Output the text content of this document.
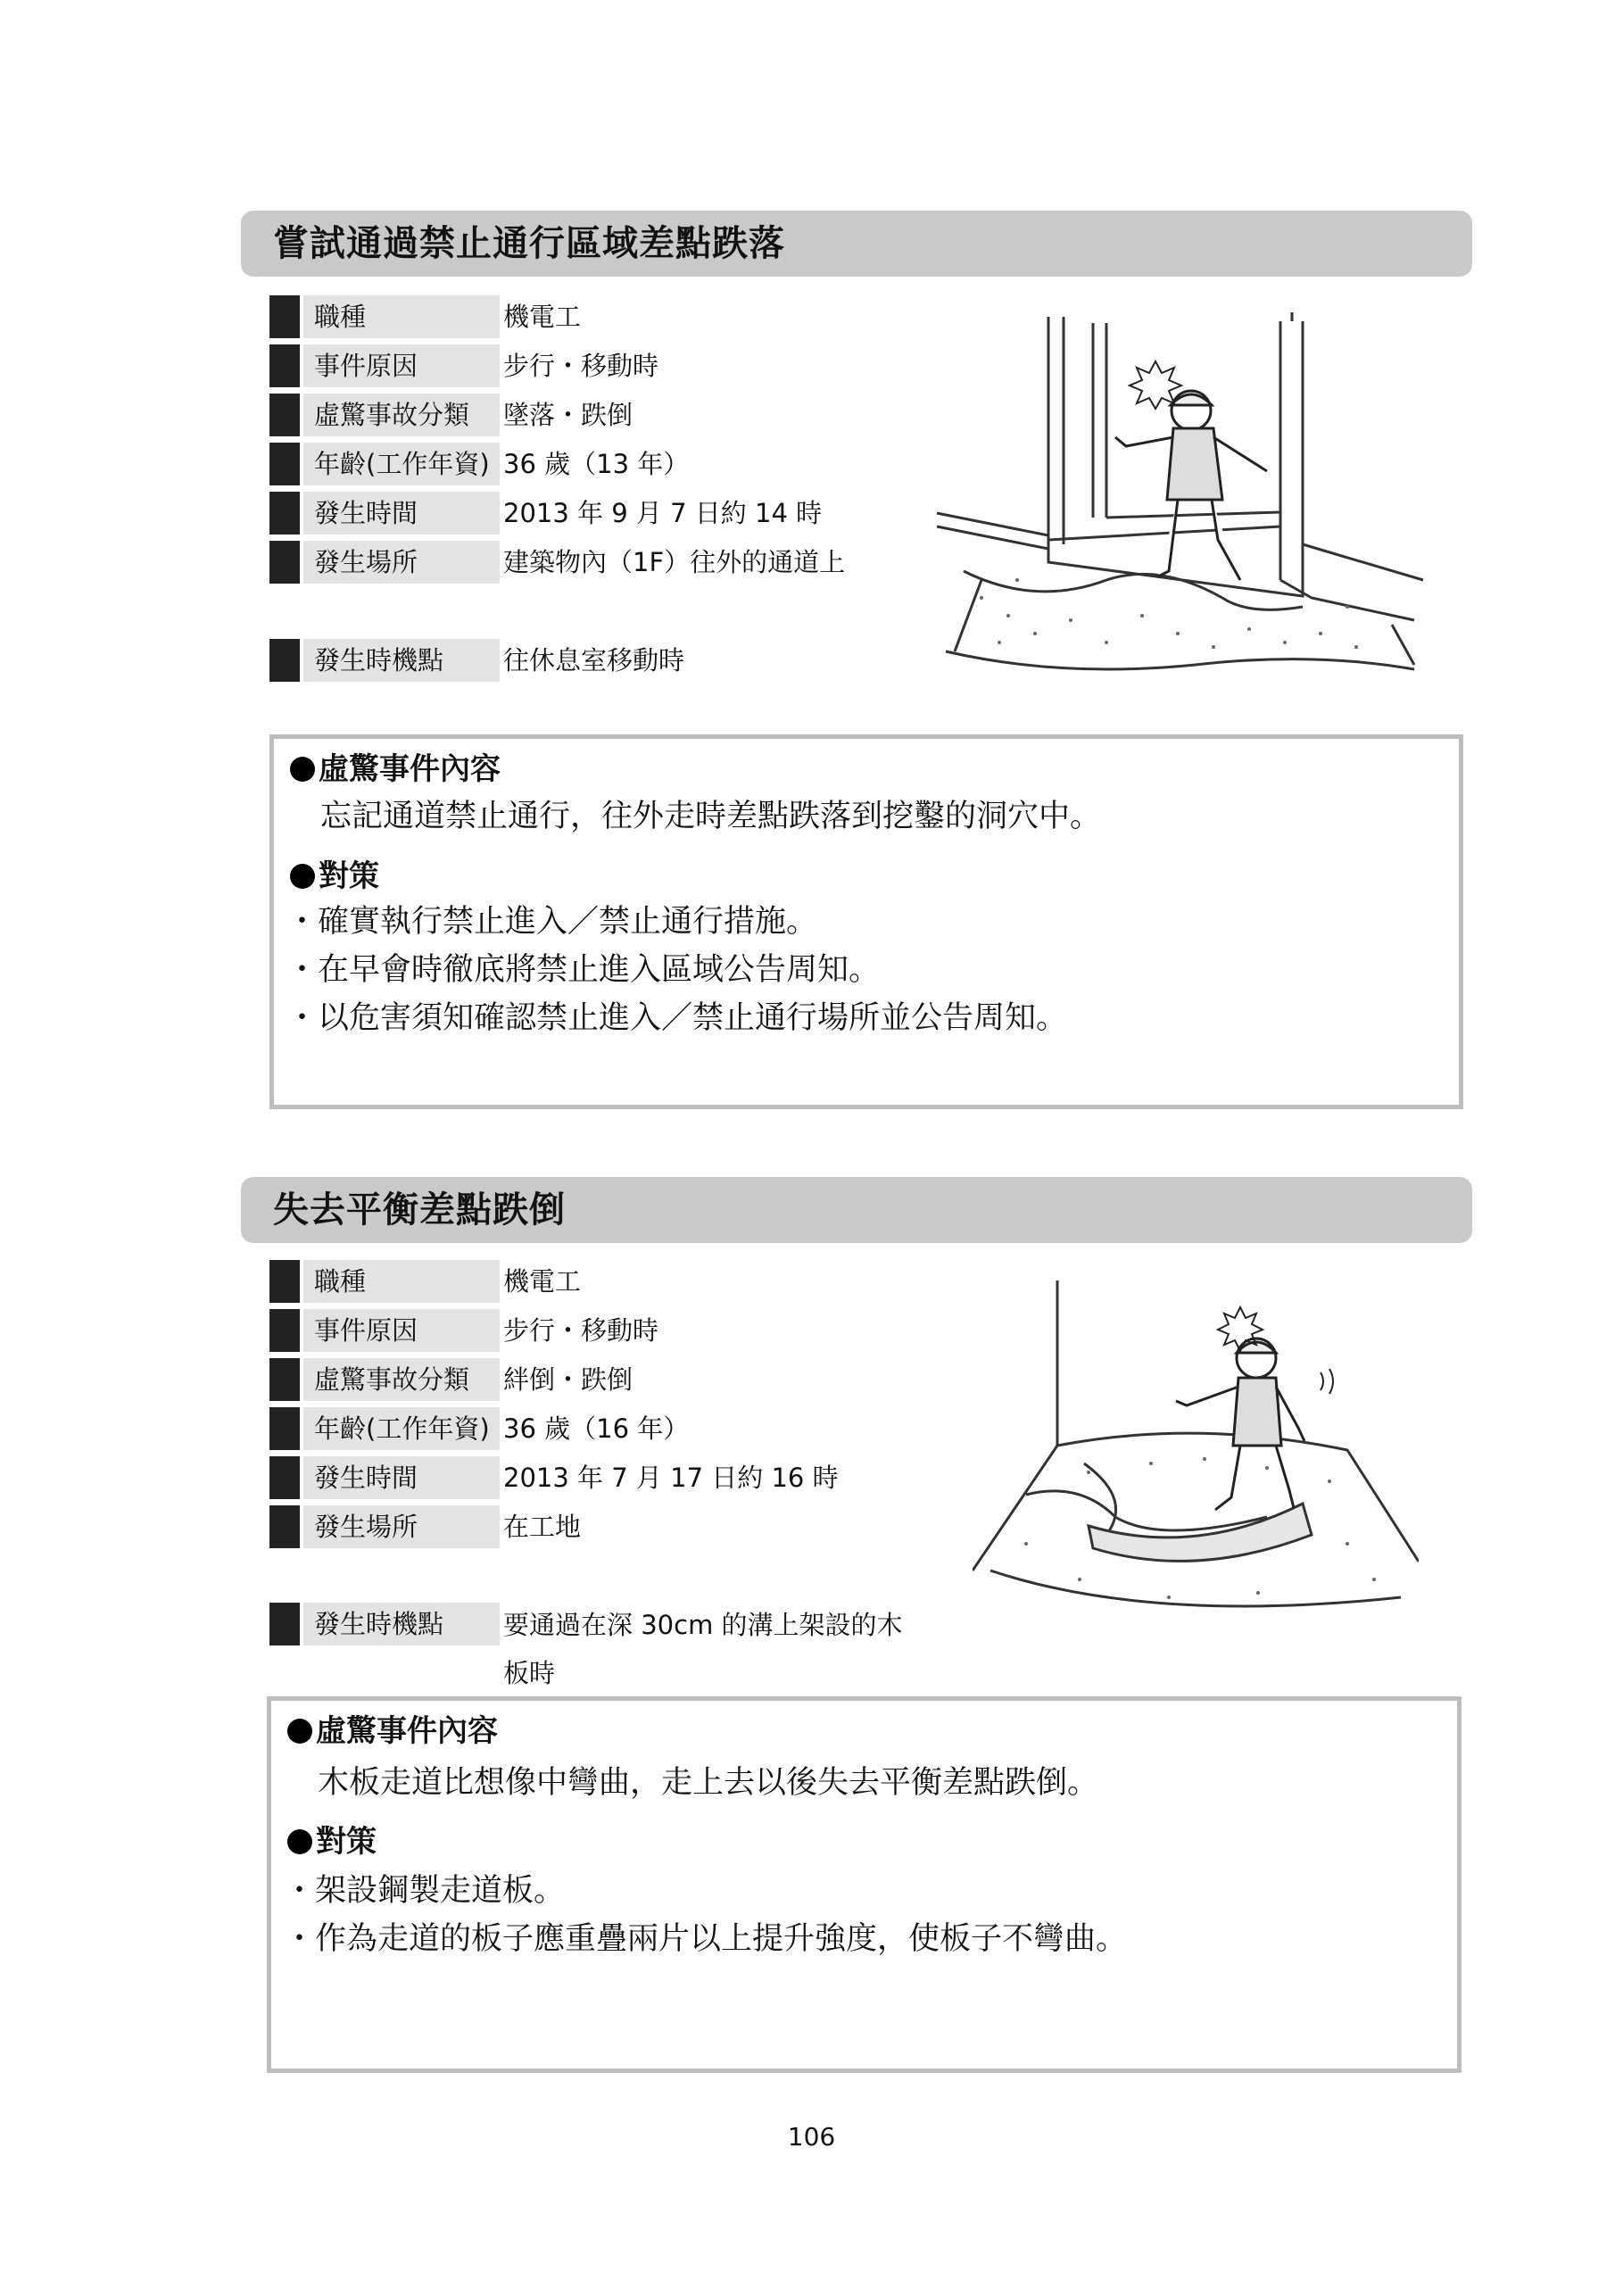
嘗試通過禁止通行區域差點跌落
職種	機電工
事件原因	步行・移動時
虛驚事故分類	墜落・跌倒
年齡(工作年資) 36 歲（13 年）
發生時間	2013 年 9 月 7 日約 14 時
發生場所	建築物內（1F）往外的通道上
發生時機點	往休息室移動時
虛驚事件內容
忘記通道禁止通行，往外走時差點跌落到挖鑿的洞穴中。
對策
・ 確實執行禁止進入／禁止通行措施。
・ 在早會時徹底將禁止進入區域公告周知。
・ 以危害須知確認禁止進入／禁止通行場所並公告周知。
失去平衡差點跌倒
職種	機電工
事件原因	步行・移動時
虛驚事故分類	絆倒・跌倒
年齡(工作年資) 36 歲（16 年）
發生時間	2013 年 7 月 17 日約 16 時
發生場所	在工地
發生時機點	要通過在深 30cm 的溝上架設的木板時
虛驚事件內容
木板走道比想像中彎曲，走上去以後失去平衡差點跌倒。
對策
・ 架設鋼製走道板。
・ 作為走道的板子應重疊兩片以上提升強度，使板子不彎曲。
106
